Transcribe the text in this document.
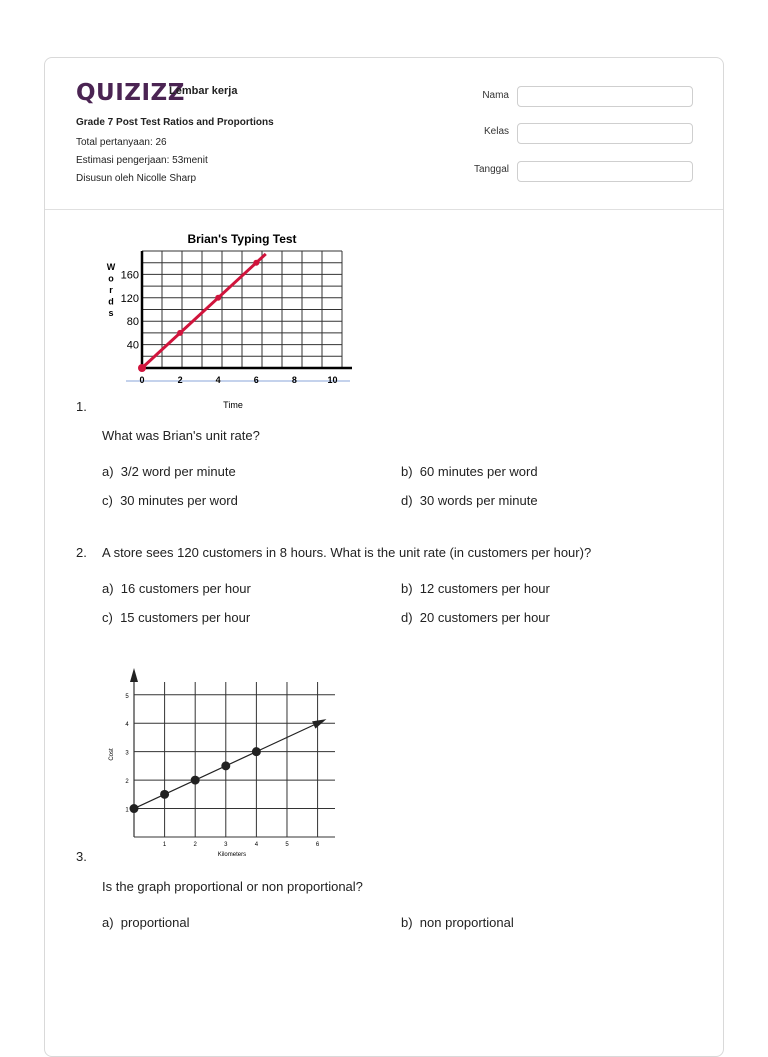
QUIZIZZ
Lembar kerja
Grade 7 Post Test Ratios and Proportions
Total pertanyaan: 26
Estimasi pengerjaan: 53menit
Disusun oleh Nicolle Sharp
Nama
Kelas
Tanggal
Brian's Typing Test
W
o
r
d
s
40
80
120
160
0	2	4	6	8	10
Time
1.
What was Brian's unit rate?
a) 3/2 word per minute	b) 60 minutes per word
c) 30 minutes per word	d) 30 words per minute
2. A store sees 120 customers in 8 hours. What is the unit rate (in customers per hour)?
a) 16 customers per hour	b) 12 customers per hour
c) 15 customers per hour	d) 20 customers per hour
1
2
3
4
5
1	2	3	4	5	6
Kilometers
Cost
3.
Is the graph proportional or non proportional?
a) proportional	b) non proportional
